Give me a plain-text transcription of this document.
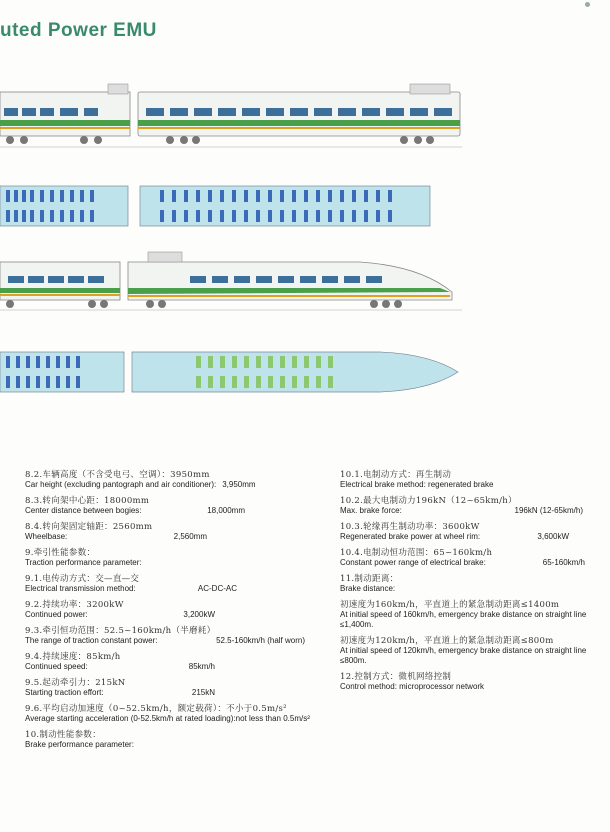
uted Power EMU
8.2.车辆高度（不含受电弓、空调）：3950mm
Car height (excluding pantograph and air conditioner): 3,950mm
8.3.转向架中心距：18000mm
Center distance between bogies:	18,000mm
8.4.转向架固定轴距：2560mm
Wheelbase:	2,560mm
9.牵引性能参数：
Traction performance parameter:
9.1.电传动方式：交—直—交
Electrical transmission method:	AC-DC-AC
9.2.持续功率：3200kW
Continued power:	3,200kW
9.3.牵引恒功范围：52.5~160km/h（半磨耗）
The range of traction constant power:	52.5-160km/h (half worn)
9.4.持续速度：85km/h
Continued speed:	85km/h
9.5.起动牵引力：215kN
Starting traction effort:	215kN
9.6.平均启动加速度（0~52.5km/h，额定载荷）：不小于0.5m/s²
Average starting acceleration (0-52.5km/h at rated loading):not less than 0.5m/s²
10.制动性能参数：
Brake performance parameter:
10.1.电制动方式：再生制动
Electrical brake method: regenerated brake
10.2.最大电制动力196kN（12~65km/h）
Max. brake force:	196kN (12-65km/h)
10.3.轮缘再生制动功率：3600kW
Regenerated brake power at wheel rim:	3,600kW
10.4.电制动恒功范围：65~160km/h
Constant power range of electrical brake:	65-160km/h
11.制动距离：
Brake distance:
初速度为160km/h，平直道上的紧急制动距离≤1400m
At initial speed of 160km/h, emergency brake distance on straight line ≤1,400m.
初速度为120km/h，平直道上的紧急制动距离≤800m
At initial speed of 120km/h, emergency brake distance on straight line ≤800m.
12.控制方式：微机网络控制
Control method: microprocessor network
